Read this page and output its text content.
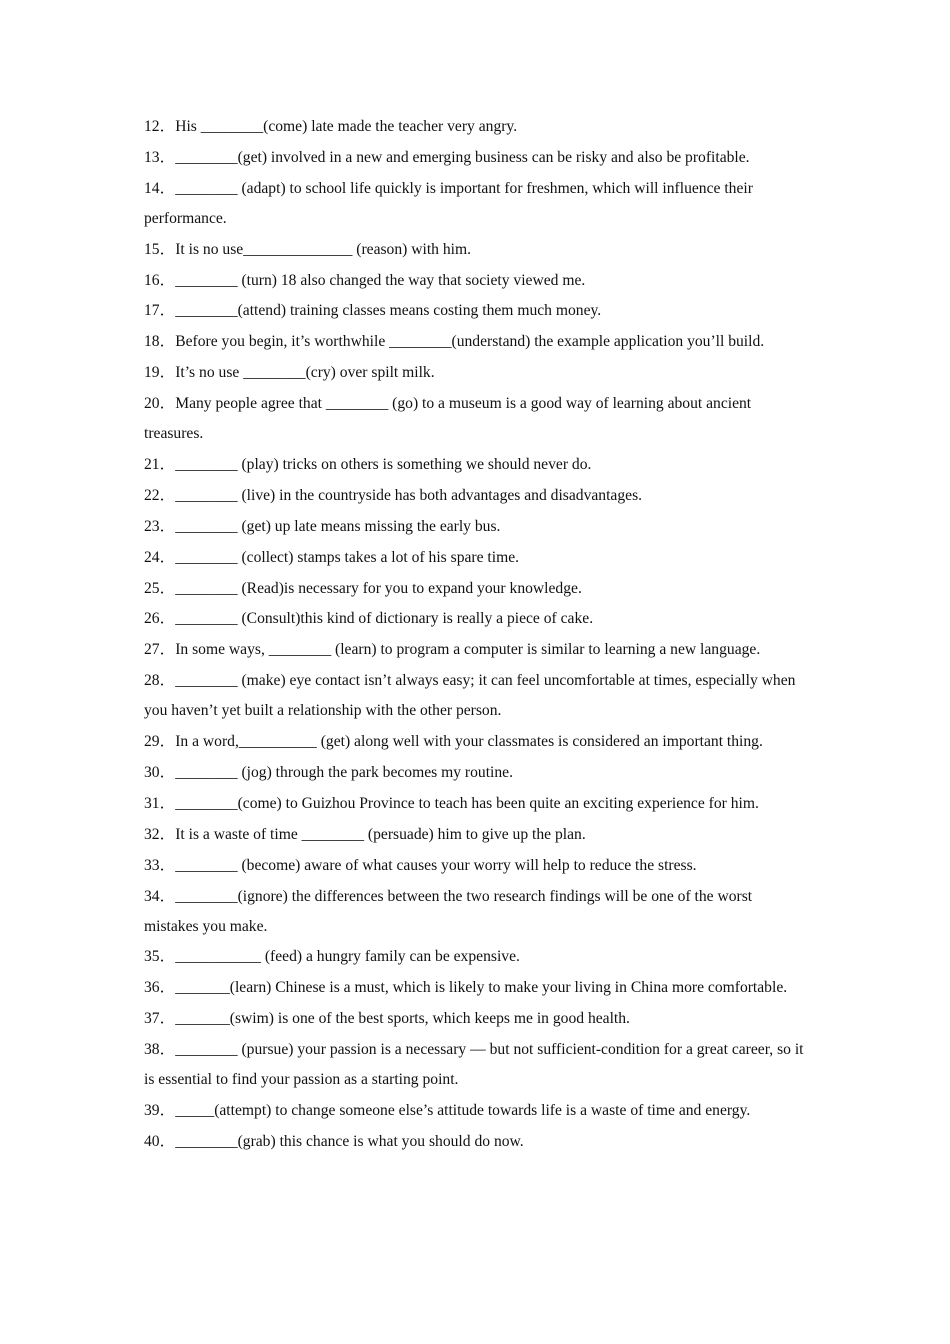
12．His ________(come) late made the teacher very angry.

13．________(get) involved in a new and emerging business can be risky and also be profitable.

14．________ (adapt) to school life quickly is important for freshmen, which will influence their performance.

15．It is no use______________ (reason) with him.

16．________ (turn) 18 also changed the way that society viewed me.

17．________(attend) training classes means costing them much money.

18．Before you begin, it’s worthwhile ________(understand) the example application you’ll build.

19．It’s no use ________(cry) over spilt milk.

20．Many people agree that ________ (go) to a museum is a good way of learning about ancient treasures.

21．________ (play) tricks on others is something we should never do.

22．________ (live) in the countryside has both advantages and disadvantages.

23．________ (get) up late means missing the early bus.

24．________ (collect) stamps takes a lot of his spare time.

25．________ (Read)is necessary for you to expand your knowledge.

26．________ (Consult)this kind of dictionary is really a piece of cake.

27．In some ways, ________ (learn) to program a computer is similar to learning a new language.

28．________ (make) eye contact isn’t always easy; it can feel uncomfortable at times, especially when you haven’t yet built a relationship with the other person.

29．In a word,__________ (get) along well with your classmates is considered an important thing.

30．________ (jog) through the park becomes my routine.

31．________(come) to Guizhou Province to teach has been quite an exciting experience for him.

32．It is a waste of time ________ (persuade) him to give up the plan.

33．________ (become) aware of what causes your worry will help to reduce the stress.

34．________(ignore) the differences between the two research findings will be one of the worst mistakes you make.

35．___________ (feed) a hungry family can be expensive.

36．_______(learn) Chinese is a must, which is likely to make your living in China more comfortable.

37．_______(swim) is one of the best sports, which keeps me in good health.

38．________ (pursue) your passion is a necessary — but not sufficient-condition for a great career, so it is essential to find your passion as a starting point.

39．_____(attempt) to change someone else’s attitude towards life is a waste of time and energy.

40．________(grab) this chance is what you should do now.
